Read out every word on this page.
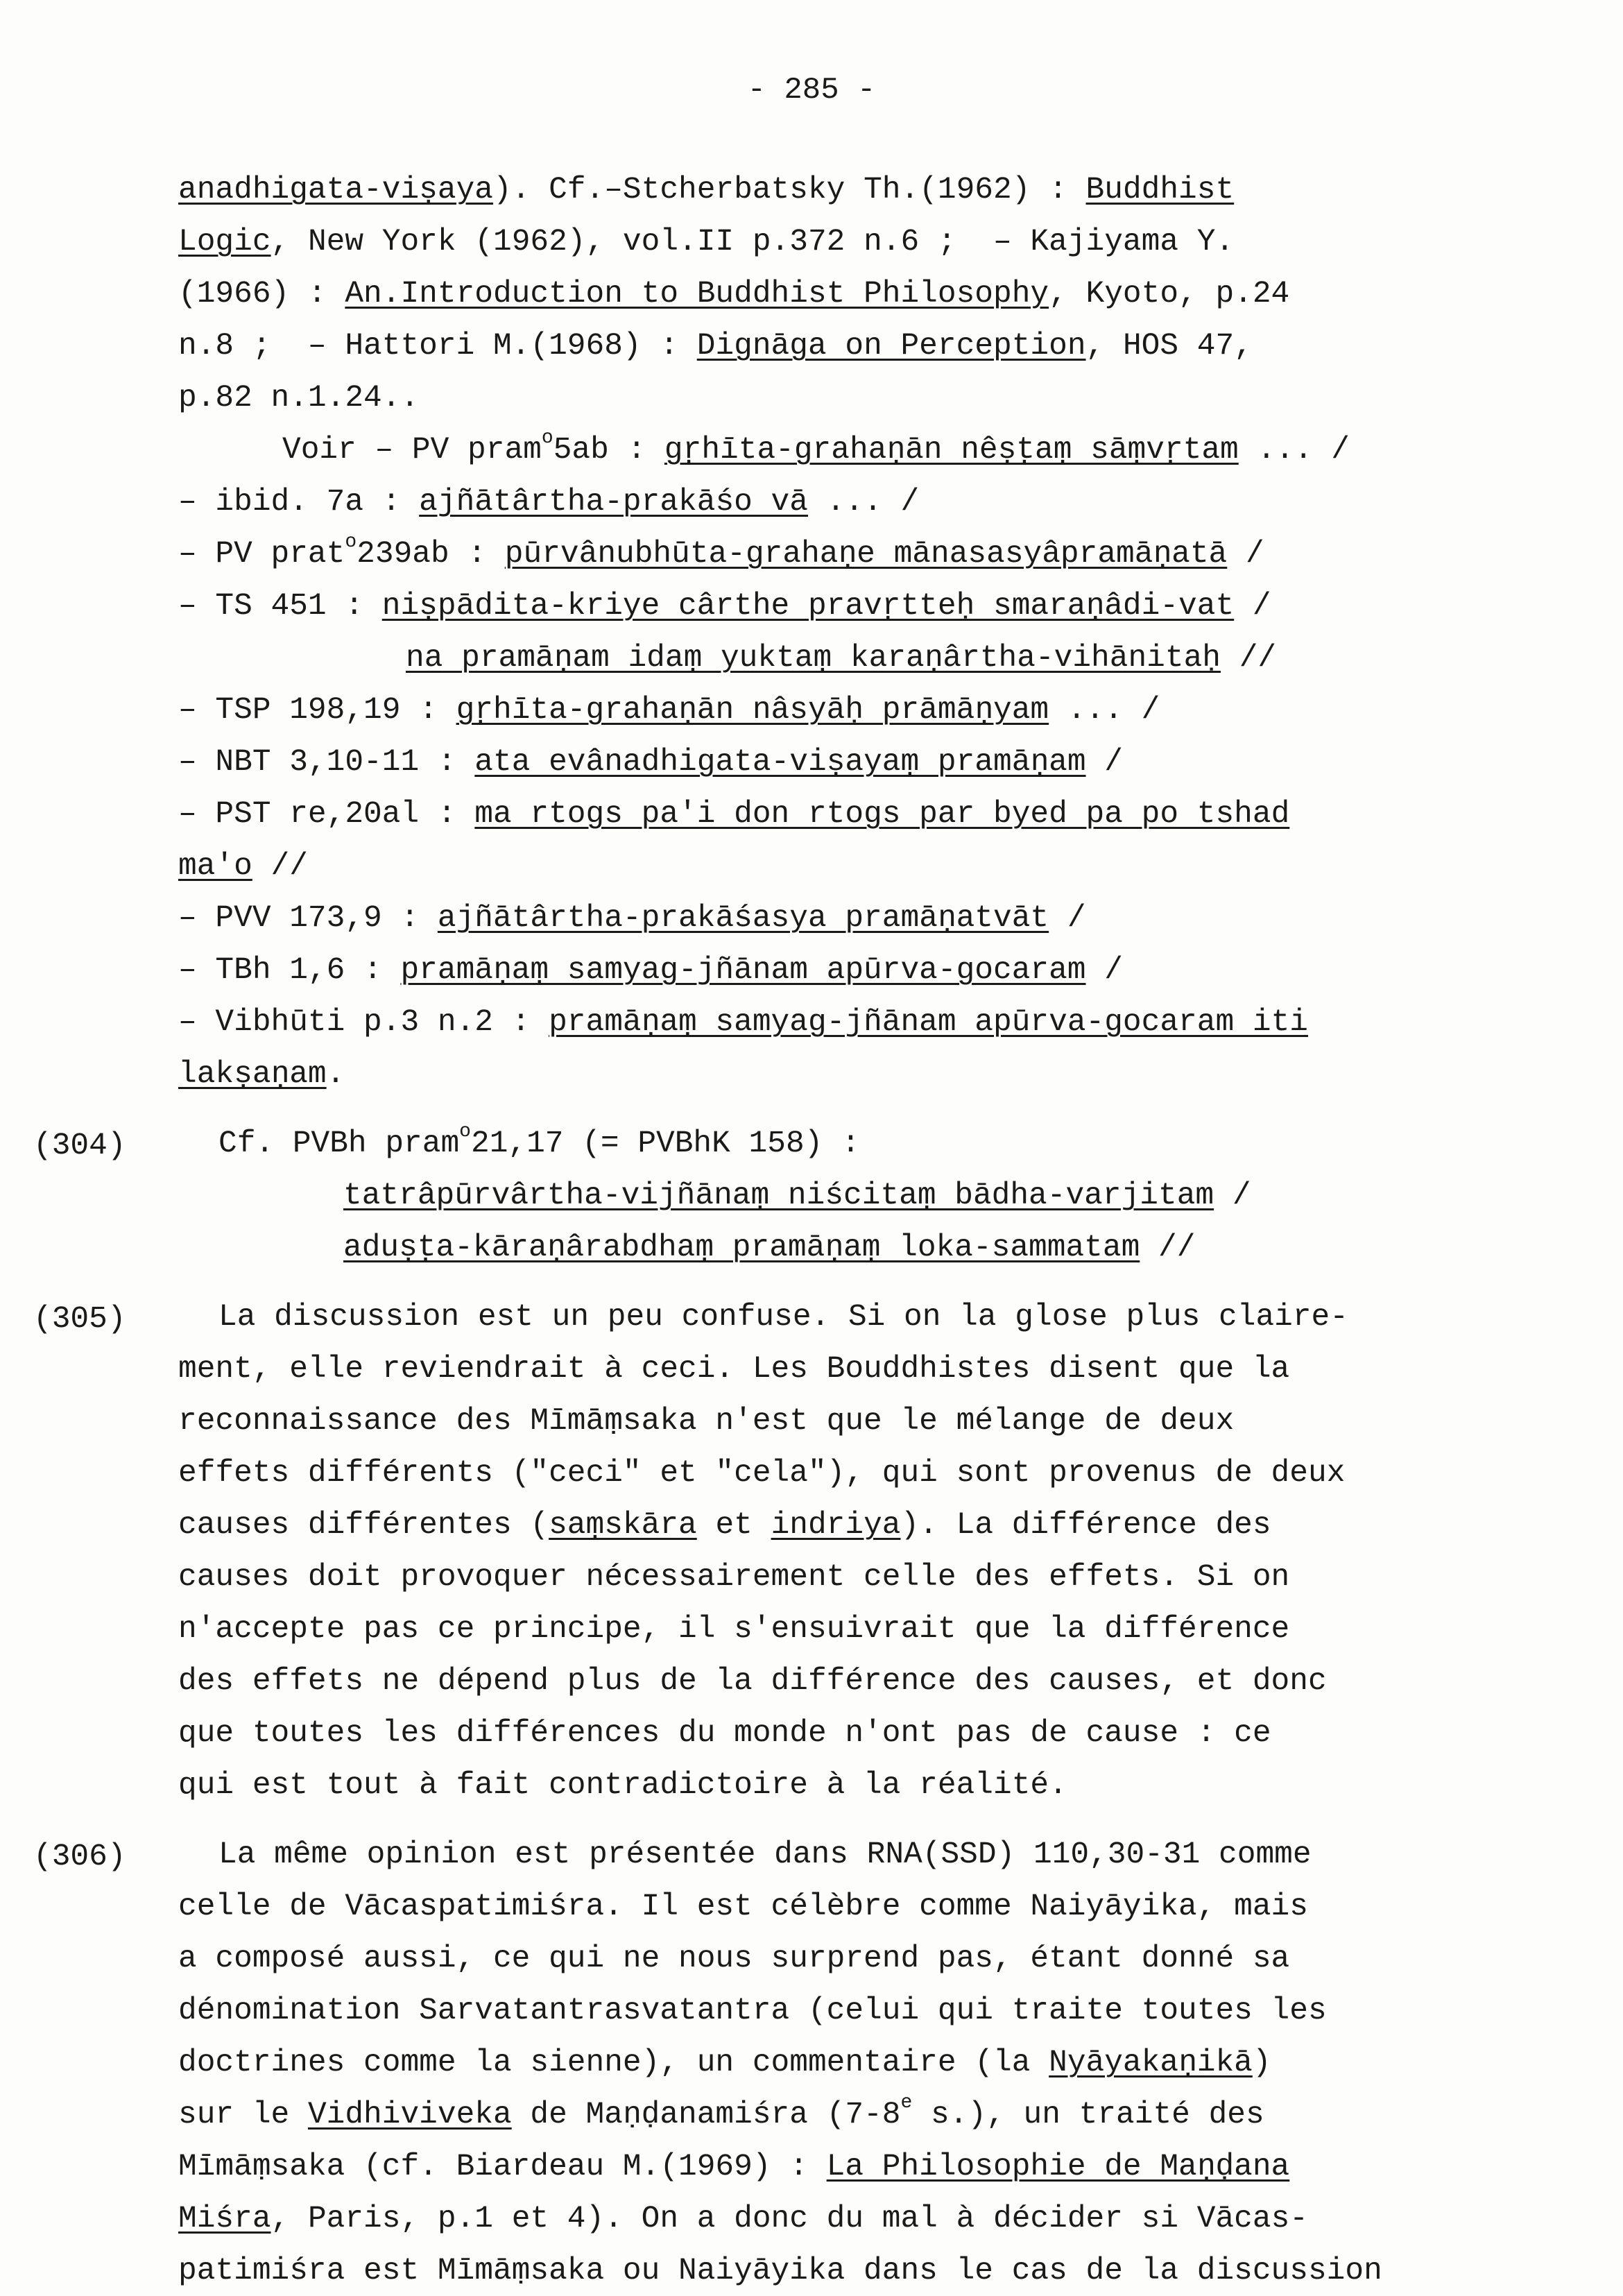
- 285 -
anadhigata-viṣaya). Cf.–Stcherbatsky Th.(1962) : Buddhist
Logic, New York (1962), vol.II p.372 n.6 ;  – Kajiyama Y.
(1966) : An.Introduction to Buddhist Philosophy, Kyoto, p.24
n.8 ;  – Hattori M.(1968) : Dignāga on Perception, HOS 47,
p.82 n.1.24..
Voir – PV pram$^o$5ab : gṛhīta-grahaṇān nêṣṭaṃ sāṃvṛtam ... /
– ibid. 7a : ajñātârtha-prakāśo vā ... /
– PV prat$^o$239ab : pūrvânubhūta-grahaṇe mānasasyâpramāṇatā /
– TS 451 : niṣpādita-kriye cârthe pravṛtteḥ smaraṇâdi-vat /
na pramāṇam idaṃ yuktaṃ karaṇârtha-vihānitaḥ //
– TSP 198,19 : gṛhīta-grahaṇān nâsyāḥ prāmāṇyam ... /
– NBT 3,10-11 : ata evânadhigata-viṣayaṃ pramāṇam /
– PST re,20al : ma rtogs pa'i don rtogs par byed pa po tshad
ma'o //
– PVV 173,9 : ajñātârtha-prakāśasya pramāṇatvāt /
– TBh 1,6 : pramāṇaṃ samyag-jñānam apūrva-gocaram /
– Vibhūti p.3 n.2 : pramāṇaṃ samyag-jñānam apūrva-gocaram iti
lakṣaṇam.
(304)	Cf. PVBh pram$^o$21,17 (= PVBhK 158) :
tatrâpūrvârtha-vijñānaṃ niścitaṃ bādha-varjitam /
aduṣṭa-kāraṇârabdhaṃ pramāṇaṃ loka-sammatam //
(305)	La discussion est un peu confuse. Si on la glose plus claire-
ment, elle reviendrait à ceci. Les Bouddhistes disent que la
reconnaissance des Mīmāṃsaka n'est que le mélange de deux
effets différents ("ceci" et "cela"), qui sont provenus de deux
causes différentes (saṃskāra et indriya). La différence des
causes doit provoquer nécessairement celle des effets. Si on
n'accepte pas ce principe, il s'ensuivrait que la différence
des effets ne dépend plus de la différence des causes, et donc
que toutes les différences du monde n'ont pas de cause : ce
qui est tout à fait contradictoire à la réalité.
(306)	La même opinion est présentée dans RNA(SSD) 110,30-31 comme
celle de Vācaspatimiśra. Il est célèbre comme Naiyāyika, mais
a composé aussi, ce qui ne nous surprend pas, étant donné sa
dénomination Sarvatantrasvatantra (celui qui traite toutes les
doctrines comme la sienne), un commentaire (la Nyāyakaṇikā)
sur le Vidhiviveka de Maṇḍanamiśra (7-8e s.), un traité des
Mīmāṃsaka (cf. Biardeau M.(1969) : La Philosophie de Maṇḍana
Miśra, Paris, p.1 et 4). On a donc du mal à décider si Vācas-
patimiśra est Mīmāṃsaka ou Naiyāyika dans le cas de la discussion
